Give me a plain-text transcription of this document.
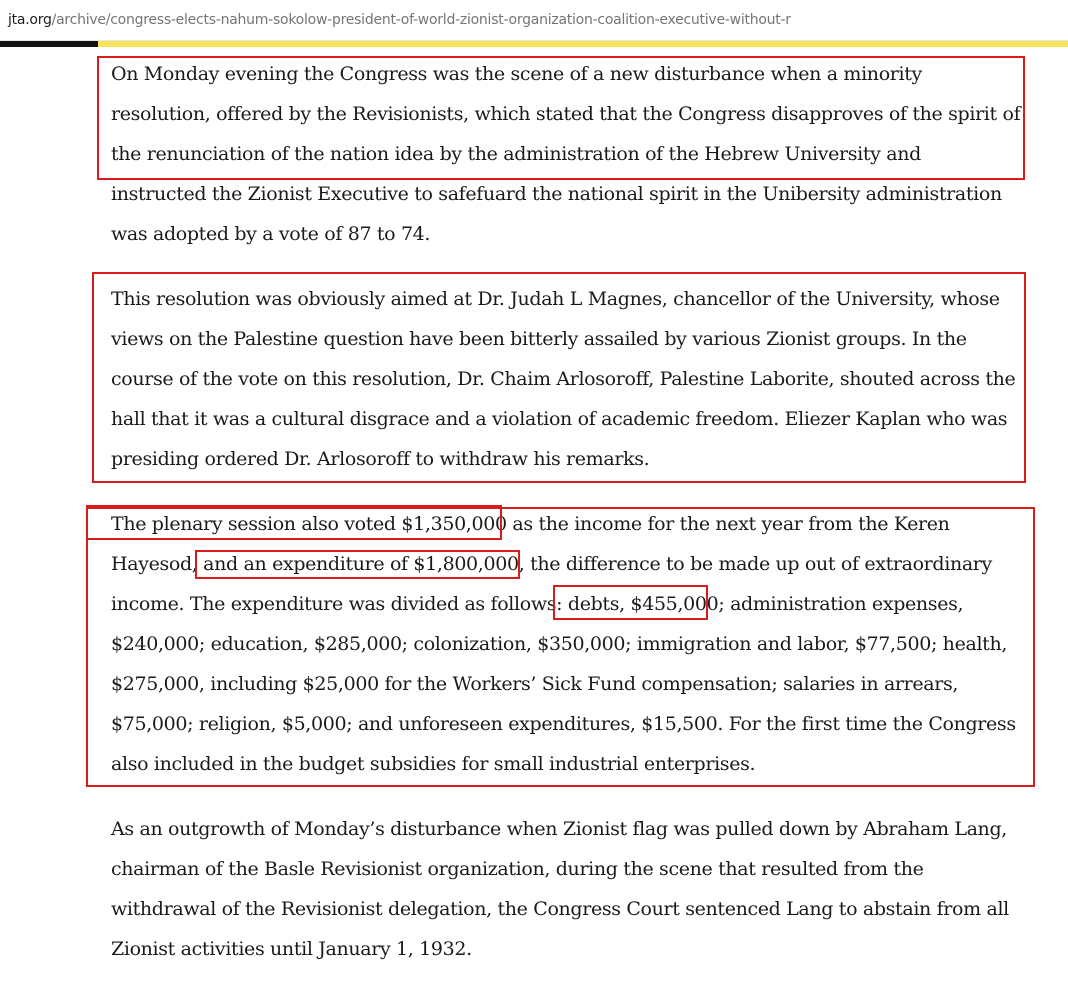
jta.org/archive/congress-elects-nahum-sokolow-president-of-world-zionist-organization-coalition-executive-without-r

On Monday evening the Congress was the scene of a new disturbance when a minority resolution, offered by the Revisionists, which stated that the Congress disapproves of the spirit of the renunciation of the nation idea by the administration of the Hebrew University and instructed the Zionist Executive to safefuard the national spirit in the Unibersity administration was adopted by a vote of 87 to 74.

This resolution was obviously aimed at Dr. Judah L Magnes, chancellor of the University, whose views on the Palestine question have been bitterly assailed by various Zionist groups. In the course of the vote on this resolution, Dr. Chaim Arlosoroff, Palestine Laborite, shouted across the hall that it was a cultural disgrace and a violation of academic freedom. Eliezer Kaplan who was presiding ordered Dr. Arlosoroff to withdraw his remarks.

The plenary session also voted $1,350,000 as the income for the next year from the Keren Hayesod, and an expenditure of $1,800,000, the difference to be made up out of extraordinary income. The expenditure was divided as follows: debts, $455,000; administration expenses, $240,000; education, $285,000; colonization, $350,000; immigration and labor, $77,500; health, $275,000, including $25,000 for the Workers’ Sick Fund compensation; salaries in arrears, $75,000; religion, $5,000; and unforeseen expenditures, $15,500. For the first time the Congress also included in the budget subsidies for small industrial enterprises.

As an outgrowth of Monday’s disturbance when Zionist flag was pulled down by Abraham Lang, chairman of the Basle Revisionist organization, during the scene that resulted from the withdrawal of the Revisionist delegation, the Congress Court sentenced Lang to abstain from all Zionist activities until January 1, 1932.
